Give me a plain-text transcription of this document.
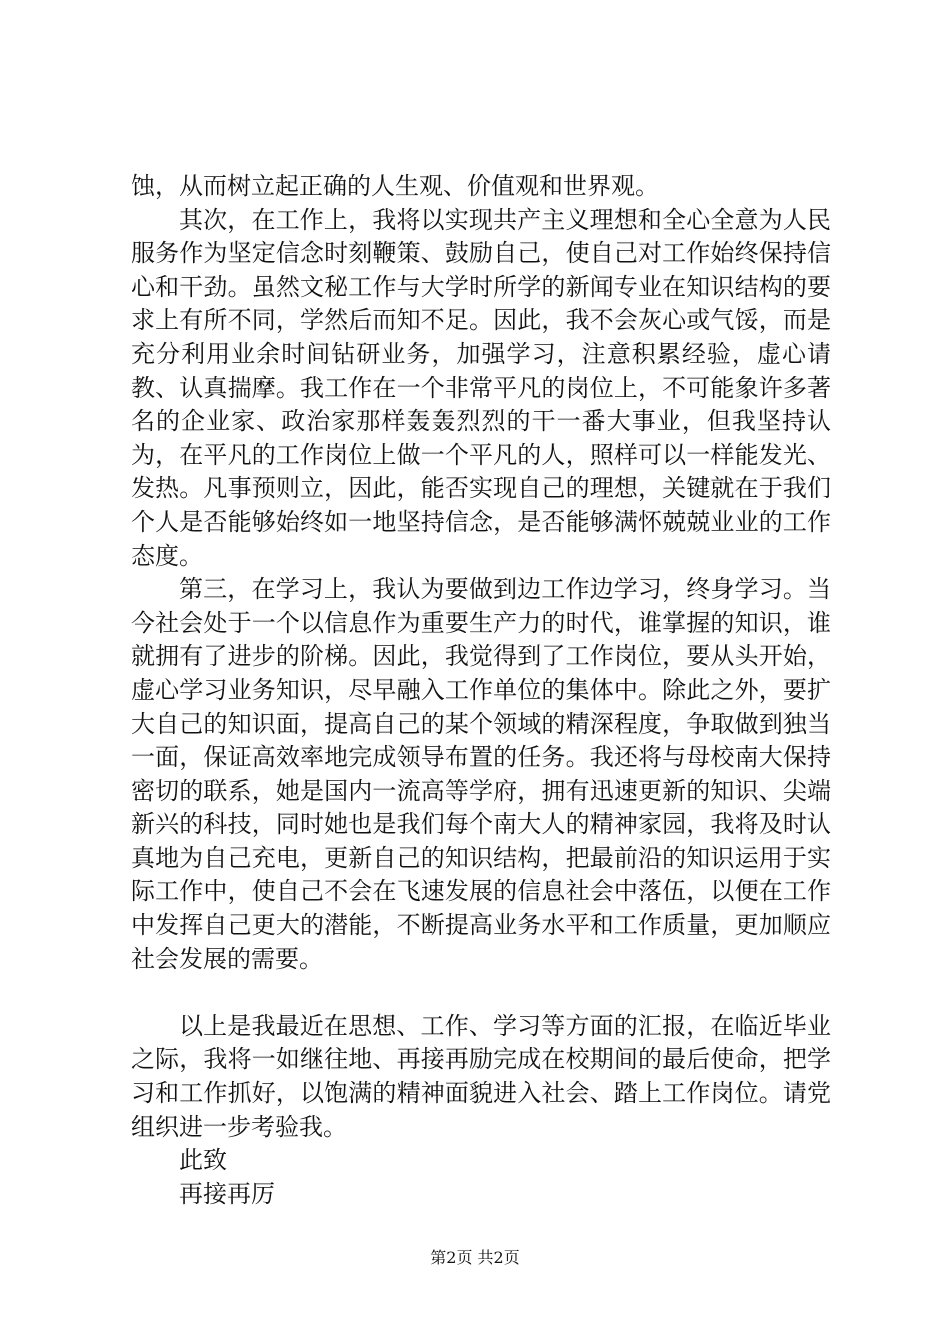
蚀，从而树立起正确的人生观、价值观和世界观。

其次，在工作上，我将以实现共产主义理想和全心全意为人民服务作为坚定信念时刻鞭策、鼓励自己，使自己对工作始终保持信心和干劲。虽然文秘工作与大学时所学的新闻专业在知识结构的要求上有所不同，学然后而知不足。因此，我不会灰心或气馁，而是充分利用业余时间钻研业务，加强学习，注意积累经验，虚心请教、认真揣摩。我工作在一个非常平凡的岗位上，不可能象许多著名的企业家、政治家那样轰轰烈烈的干一番大事业，但我坚持认为，在平凡的工作岗位上做一个平凡的人，照样可以一样能发光、发热。凡事预则立，因此，能否实现自己的理想，关键就在于我们个人是否能够始终如一地坚持信念，是否能够满怀兢兢业业的工作态度。

第三，在学习上，我认为要做到边工作边学习，终身学习。当今社会处于一个以信息作为重要生产力的时代，谁掌握的知识，谁就拥有了进步的阶梯。因此，我觉得到了工作岗位，要从头开始，虚心学习业务知识，尽早融入工作单位的集体中。除此之外，要扩大自己的知识面，提高自己的某个领域的精深程度，争取做到独当一面，保证高效率地完成领导布置的任务。我还将与母校南大保持密切的联系，她是国内一流高等学府，拥有迅速更新的知识、尖端新兴的科技，同时她也是我们每个南大人的精神家园，我将及时认真地为自己充电，更新自己的知识结构，把最前沿的知识运用于实际工作中，使自己不会在飞速发展的信息社会中落伍，以便在工作中发挥自己更大的潜能，不断提高业务水平和工作质量，更加顺应社会发展的需要。

以上是我最近在思想、工作、学习等方面的汇报，在临近毕业之际，我将一如继往地、再接再励完成在校期间的最后使命，把学习和工作抓好，以饱满的精神面貌进入社会、踏上工作岗位。请党组织进一步考验我。

此致

再接再厉

第2页 共2页
